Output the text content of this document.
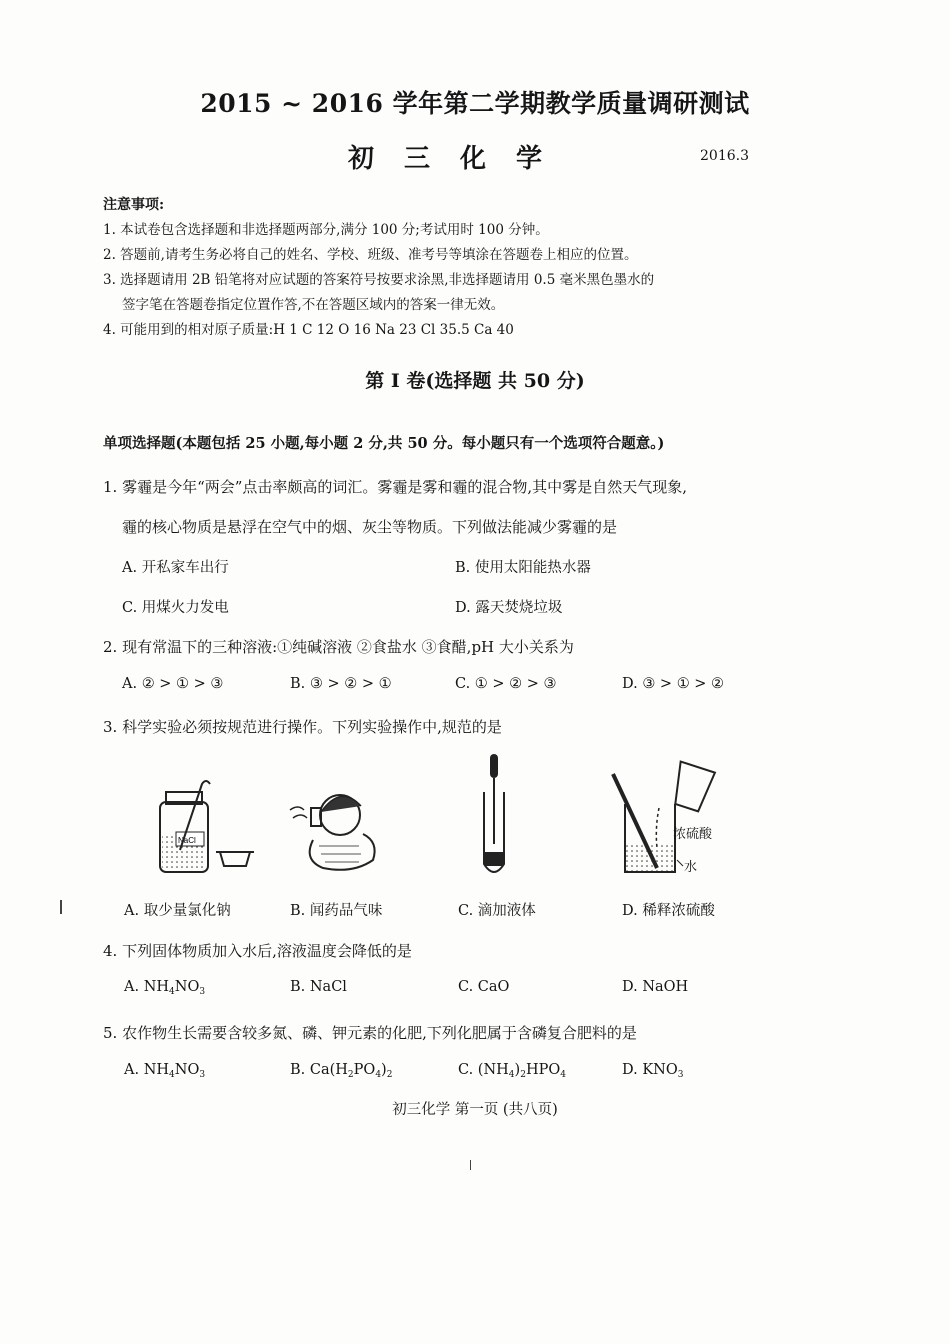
2015 ~ 2016 学年第二学期教学质量调研测试
初三化学	2016.3
注意事项:
1. 本试卷包含选择题和非选择题两部分,满分 100 分;考试用时 100 分钟。
2. 答题前,请考生务必将自己的姓名、学校、班级、准考号等填涂在答题卷上相应的位置。
3. 选择题请用 2B 铅笔将对应试题的答案符号按要求涂黑,非选择题请用 0.5 毫米黑色墨水的
签字笔在答题卷指定位置作答,不在答题区域内的答案一律无效。
4. 可能用到的相对原子质量:H 1 C 12 O 16 Na 23 Cl 35.5 Ca 40
第 I 卷(选择题 共 50 分)
单项选择题(本题包括 25 小题,每小题 2 分,共 50 分。每小题只有一个选项符合题意。)
1. 雾霾是今年“两会”点击率颇高的词汇。雾霾是雾和霾的混合物,其中雾是自然天气现象,
霾的核心物质是悬浮在空气中的烟、灰尘等物质。下列做法能减少雾霾的是
A. 开私家车出行	B. 使用太阳能热水器
C. 用煤火力发电	D. 露天焚烧垃圾
2. 现有常温下的三种溶液:①纯碱溶液 ②食盐水 ③食醋,pH 大小关系为
A. ② > ① > ③	B. ③ > ② > ①	C. ① > ② > ③	D. ③ > ① > ②
3. 科学实验必须按规范进行操作。下列实验操作中,规范的是
NaCl	浓硫酸
水
A. 取少量氯化钠	B. 闻药品气味	C. 滴加液体	D. 稀释浓硫酸
4. 下列固体物质加入水后,溶液温度会降低的是
A. $NH_4NO_3$	B. NaCl	C. CaO	D. NaOH
5. 农作物生长需要含较多氮、磷、钾元素的化肥,下列化肥属于含磷复合肥料的是
A. $NH_4NO_3$	B. $Ca(H_2PO_4)_2$	C. $(NH_4)_2HPO_4$	D. $KNO_3$
初三化学 第一页 (共八页)
